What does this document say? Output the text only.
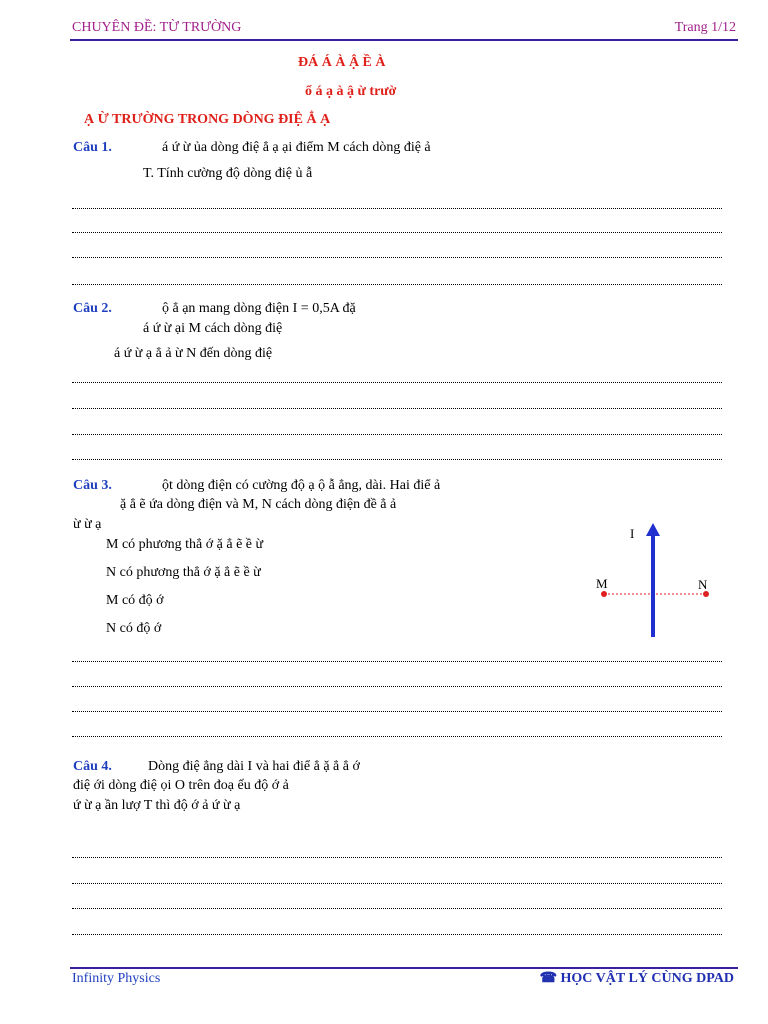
CHUYÊN ĐỀ: TỪ TRƯỜNG	Trang 1/12
ĐÁ Á À Ậ Ề À
ổ á ạ à ậ ừ trườ
Ạ Ừ TRƯỜNG TRONG DÒNG ĐIỆ Ẳ Ạ
Câu 1.	á ứ ừ ủa dòng điệ ẳ ạ ại điểm M cách dòng điệ ả
T. Tính cường độ dòng điệ ủ ẫ
Câu 2.	ộ ẳ ạn mang dòng điện I = 0,5A đặ
á ứ ừ ại M cách dòng điệ
á ứ ừ ạ ẳ ả ừ N đến dòng điệ
Câu 3.	ột dòng điện có cường độ ạ ộ ẫ ẳng, dài. Hai điể ả
ặ ẳ ẽ ứa dòng điện và M, N cách dòng điện đề ẳ ả
ừ ừ ạ
M có phương thẳ ớ ặ ẳ ẽ ề ừ
N có phương thẳ ớ ặ ẳ ẽ ề ừ
M có độ ớ
N có độ ớ
I
M	N
Câu 4.	Dòng điệ ẳng dài I và hai điể ẳ ặ ẳ ẳ ớ
điệ ới dòng điệ ọi O trên đoạ ếu độ ớ ả
ứ ừ ạ ần lượ T thì độ ớ ả ứ ừ ạ
Infinity Physics	☎ HỌC VẬT LÝ CÙNG DPAD
